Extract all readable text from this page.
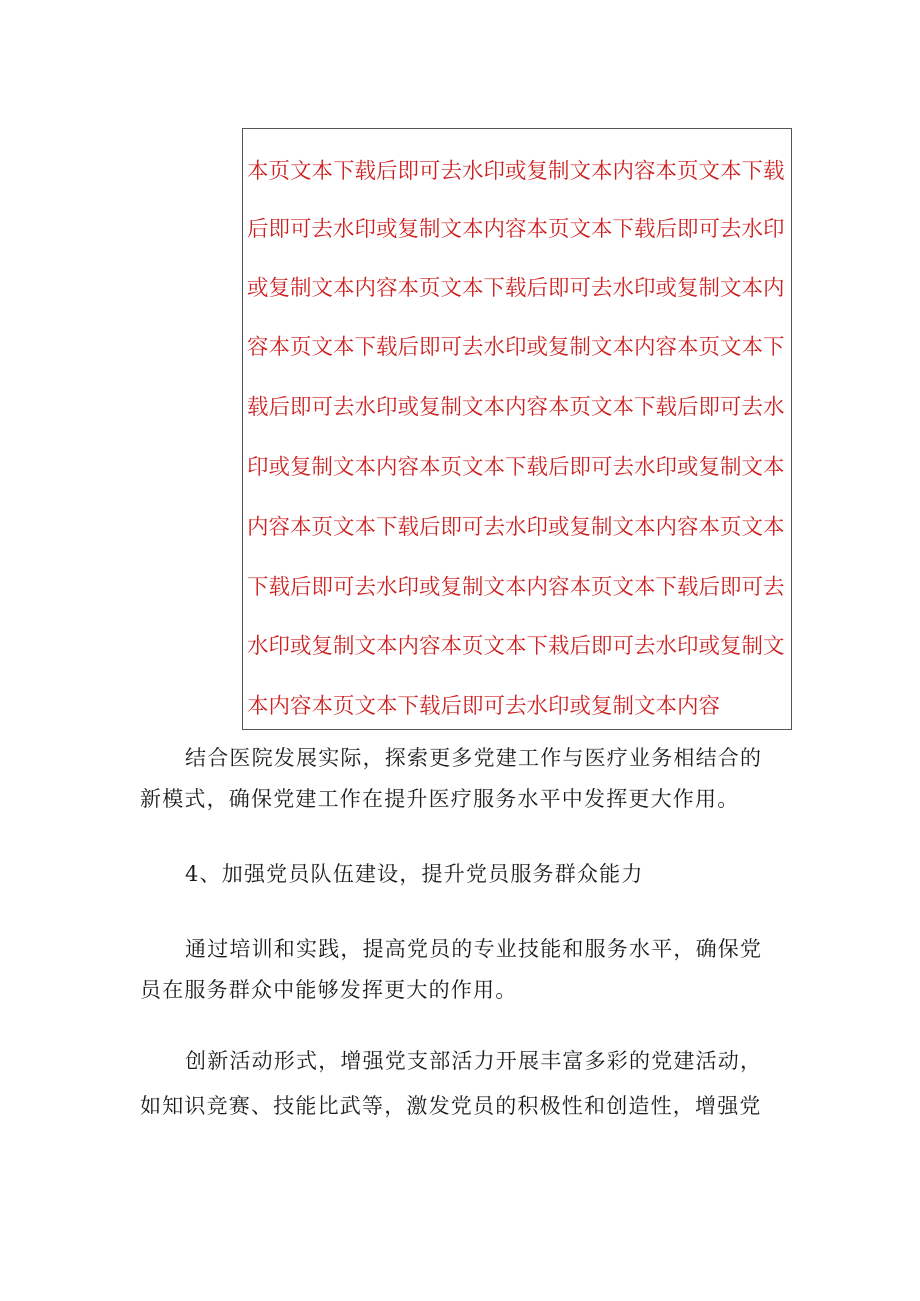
本页文本下载后即可去水印或复制文本内容本页文本下载
后即可去水印或复制文本内容本页文本下载后即可去水印
或复制文本内容本页文本下载后即可去水印或复制文本内
容本页文本下载后即可去水印或复制文本内容本页文本下
载后即可去水印或复制文本内容本页文本下载后即可去水
印或复制文本内容本页文本下载后即可去水印或复制文本
内容本页文本下载后即可去水印或复制文本内容本页文本
下载后即可去水印或复制文本内容本页文本下载后即可去
水印或复制文本内容本页文本下栽后即可去水印或复制文
本内容本页文本下载后即可去水印或复制文本内容
结合医院发展实际，探索更多党建工作与医疗业务相结合的
新模式，确保党建工作在提升医疗服务水平中发挥更大作用。
4、加强党员队伍建设，提升党员服务群众能力
通过培训和实践，提高党员的专业技能和服务水平，确保党
员在服务群众中能够发挥更大的作用。
创新活动形式，增强党支部活力开展丰富多彩的党建活动，
如知识竞赛、技能比武等，激发党员的积极性和创造性，增强党
